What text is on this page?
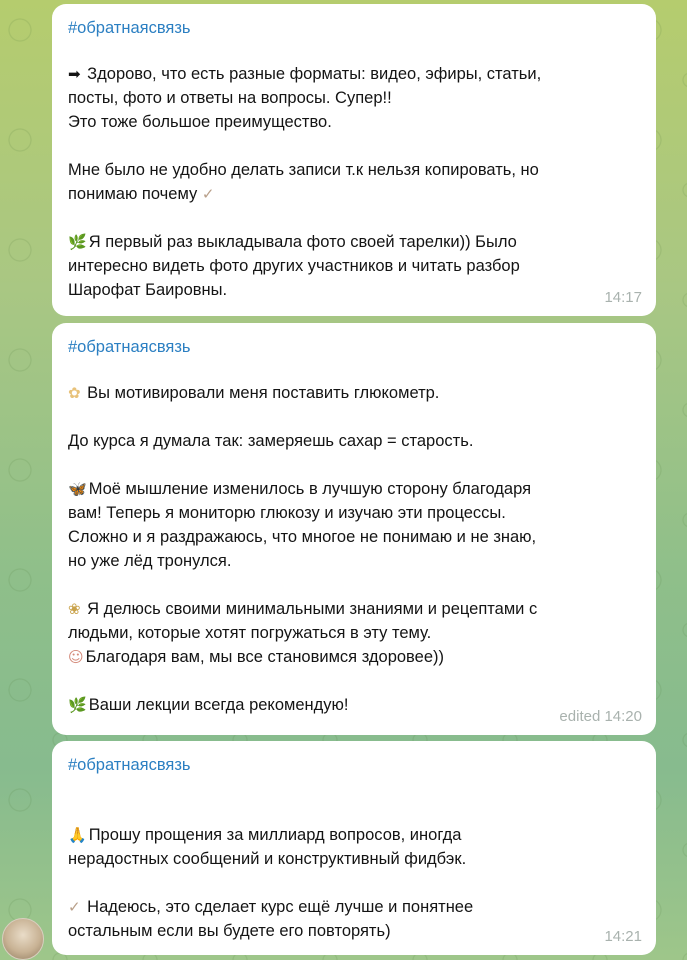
#обратнаясвязь

➡ Здорово, что есть разные форматы: видео, эфиры, статьи,

посты, фото и ответы на вопросы. Супер!!

Это тоже большое преимущество.

Мне было не удобно делать записи т.к нельзя копировать, но

понимаю почему ✓

🌿 Я первый раз выкладывала фото своей тарелки)) Было

интересно видеть фото других участников и читать разбор

Шарофат Баировны.	14:17
#обратнаясвязь

✿ Вы мотивировали меня поставить глюкометр.

До курса я думала так: замеряешь сахар = старость.

🦋 Моё мышление изменилось в лучшую сторону благодаря

вам! Теперь я мониторю глюкозу и изучаю эти процессы.

Сложно и я раздражаюсь, что многое не понимаю и не знаю,

но уже лёд тронулся.

❀ Я делюсь своими минимальными знаниями и рецептами с

людьми, которые хотят погружаться в эту тему.

☺ Благодаря вам, мы все становимся здоровее))

🌿 Ваши лекции всегда рекомендую!

edited 14:20
#обратнаясвязь

🙏 Прошу прощения за миллиард вопросов, иногда

нерадостных сообщений и конструктивный фидбэк.

✓ Надеюсь, это сделает курс ещё лучше и понятнее

остальным если вы будете его повторять)	14:21
